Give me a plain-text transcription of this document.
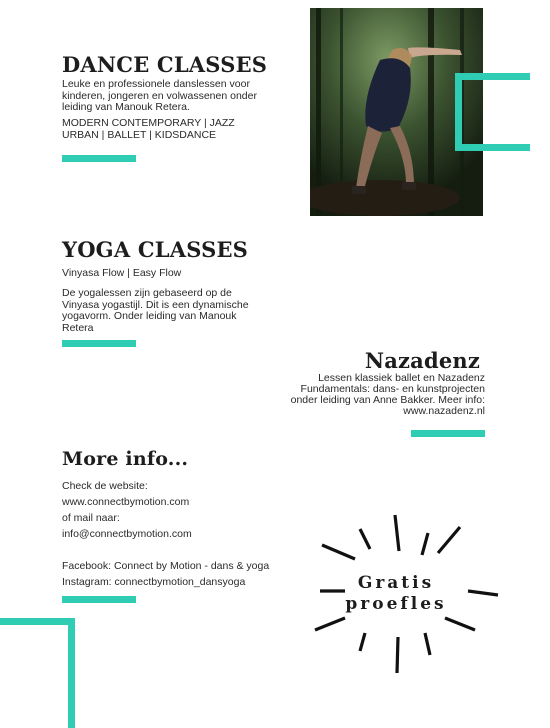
DANCE CLASSES

Leuke en professionele danslessen voor kinderen, jongeren en volwassenen onder leiding van Manouk Retera.

MODERN CONTEMPORARY | JAZZ URBAN | BALLET | KIDSDANCE

YOGA CLASSES

Vinyasa Flow | Easy Flow

De yogalessen zijn gebaseerd op de Vinyasa yogastijl. Dit is een dynamische yogavorm. Onder leiding van Manouk Retera

Nazadenz

Lessen klassiek ballet en Nazadenz

Fundamentals: dans- en kunstprojecten

onder leiding van Anne Bakker. Meer info:

www.nazadenz.nl

More info...

Check de website:

www.connectbymotion.com

of mail naar:

info@connectbymotion.com

Facebook: Connect by Motion - dans & yoga

Instagram: connectbymotion_dansyoga	Gratis
proefles
